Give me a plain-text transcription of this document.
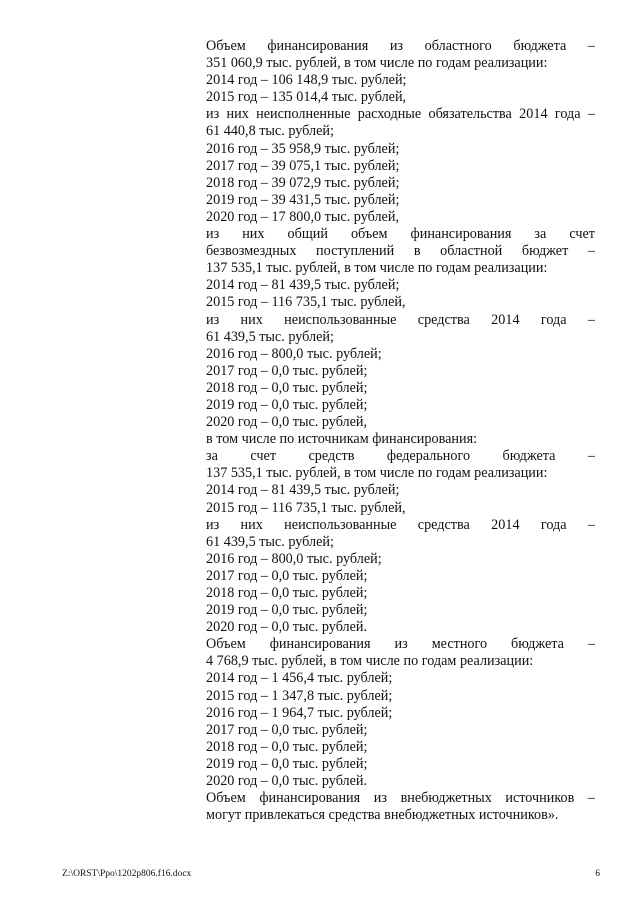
Объем финансирования из областного бюджета –
351 060,9 тыс. рублей, в том числе по годам реализации:
2014 год – 106 148,9 тыс. рублей;
2015 год – 135 014,4 тыс. рублей,
из них неисполненные расходные обязательства 2014 года –
61 440,8 тыс. рублей;
2016 год – 35 958,9 тыс. рублей;
2017 год – 39 075,1 тыс. рублей;
2018 год – 39 072,9 тыс. рублей;
2019 год – 39 431,5 тыс. рублей;
2020 год – 17 800,0 тыс. рублей,
из них общий объем финансирования за счет
безвозмездных поступлений в областной бюджет –
137 535,1 тыс. рублей, в том числе по годам реализации:
2014 год – 81 439,5 тыс. рублей;
2015 год – 116 735,1 тыс. рублей,
из них неиспользованные средства 2014 года –
61 439,5 тыс. рублей;
2016 год – 800,0 тыс. рублей;
2017 год – 0,0 тыс. рублей;
2018 год – 0,0 тыс. рублей;
2019 год – 0,0 тыс. рублей;
2020 год – 0,0 тыс. рублей,
в том числе по источникам финансирования:
за счет средств федерального бюджета –
137 535,1 тыс. рублей, в том числе по годам реализации:
2014 год – 81 439,5 тыс. рублей;
2015 год – 116 735,1 тыс. рублей,
из них неиспользованные средства 2014 года –
61 439,5 тыс. рублей;
2016 год – 800,0 тыс. рублей;
2017 год – 0,0 тыс. рублей;
2018 год – 0,0 тыс. рублей;
2019 год – 0,0 тыс. рублей;
2020 год – 0,0 тыс. рублей.
Объем финансирования из местного бюджета –
4 768,9 тыс. рублей, в том числе по годам реализации:
2014 год – 1 456,4 тыс. рублей;
2015 год – 1 347,8 тыс. рублей;
2016 год – 1 964,7 тыс. рублей;
2017 год – 0,0 тыс. рублей;
2018 год – 0,0 тыс. рублей;
2019 год – 0,0 тыс. рублей;
2020 год – 0,0 тыс. рублей.
Объем финансирования из внебюджетных источников –
могут привлекаться средства внебюджетных источников».
Z:\ORST\Ppo\1202p806.f16.docx	6
